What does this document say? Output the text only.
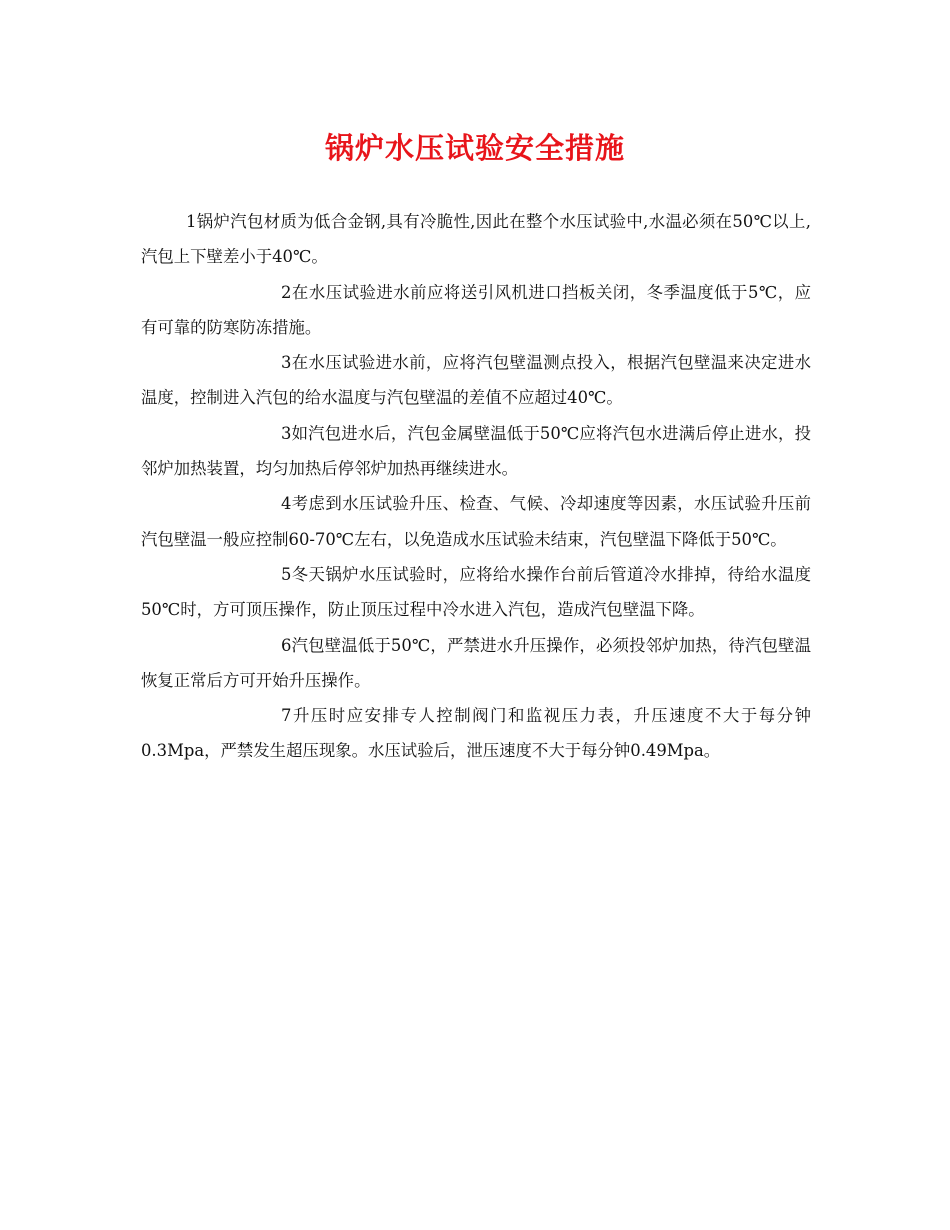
锅炉水压试验安全措施

1锅炉汽包材质为低合金钢,具有冷脆性,因此在整个水压试验中,水温必须在50℃以上,汽包上下壁差小于40℃。

2在水压试验进水前应将送引风机进口挡板关闭，冬季温度低于5℃，应有可靠的防寒防冻措施。

3在水压试验进水前，应将汽包壁温测点投入，根据汽包壁温来决定进水温度，控制进入汽包的给水温度与汽包壁温的差值不应超过40℃。

3如汽包进水后，汽包金属壁温低于50℃应将汽包水进满后停止进水，投邻炉加热装置，均匀加热后停邻炉加热再继续进水。

4考虑到水压试验升压、检查、气候、冷却速度等因素，水压试验升压前汽包壁温一般应控制60-70℃左右，以免造成水压试验未结束，汽包壁温下降低于50℃。

5冬天锅炉水压试验时，应将给水操作台前后管道冷水排掉，待给水温度50℃时，方可顶压操作，防止顶压过程中冷水进入汽包，造成汽包壁温下降。

6汽包壁温低于50℃，严禁进水升压操作，必须投邻炉加热，待汽包壁温恢复正常后方可开始升压操作。

7升压时应安排专人控制阀门和监视压力表，升压速度不大于每分钟0.3Mpa，严禁发生超压现象。水压试验后，泄压速度不大于每分钟0.49Mpa。
